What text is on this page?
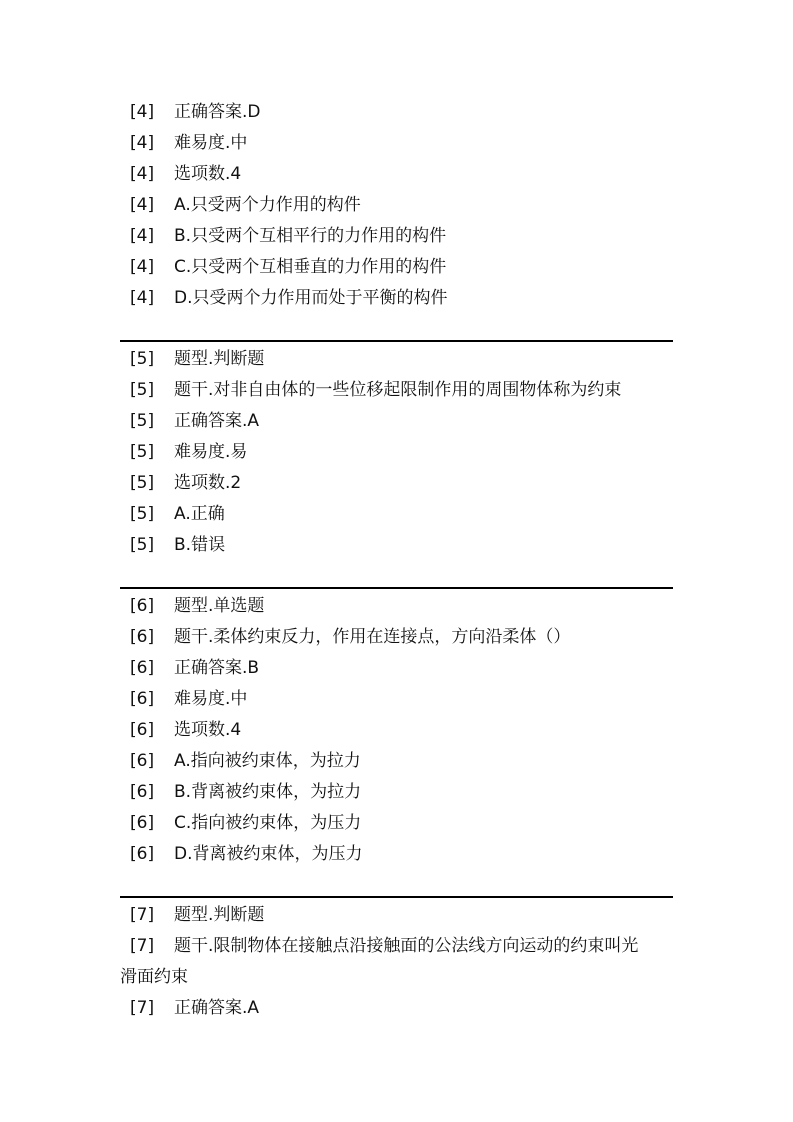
[4] 正确答案.D
[4] 难易度.中
[4] 选项数.4
[4] A.只受两个力作用的构件
[4] B.只受两个互相平行的力作用的构件
[4] C.只受两个互相垂直的力作用的构件
[4] D.只受两个力作用而处于平衡的构件
[5] 题型.判断题
[5] 题干.对非自由体的一些位移起限制作用的周围物体称为约束
[5] 正确答案.A
[5] 难易度.易
[5] 选项数.2
[5] A.正确
[5] B.错误
[6] 题型.单选题
[6] 题干.柔体约束反力，作用在连接点，方向沿柔体（）
[6] 正确答案.B
[6] 难易度.中
[6] 选项数.4
[6] A.指向被约束体，为拉力
[6] B.背离被约束体，为拉力
[6] C.指向被约束体，为压力
[6] D.背离被约束体，为压力
[7] 题型.判断题
[7] 题干.限制物体在接触点沿接触面的公法线方向运动的约束叫光
滑面约束
[7] 正确答案.A
